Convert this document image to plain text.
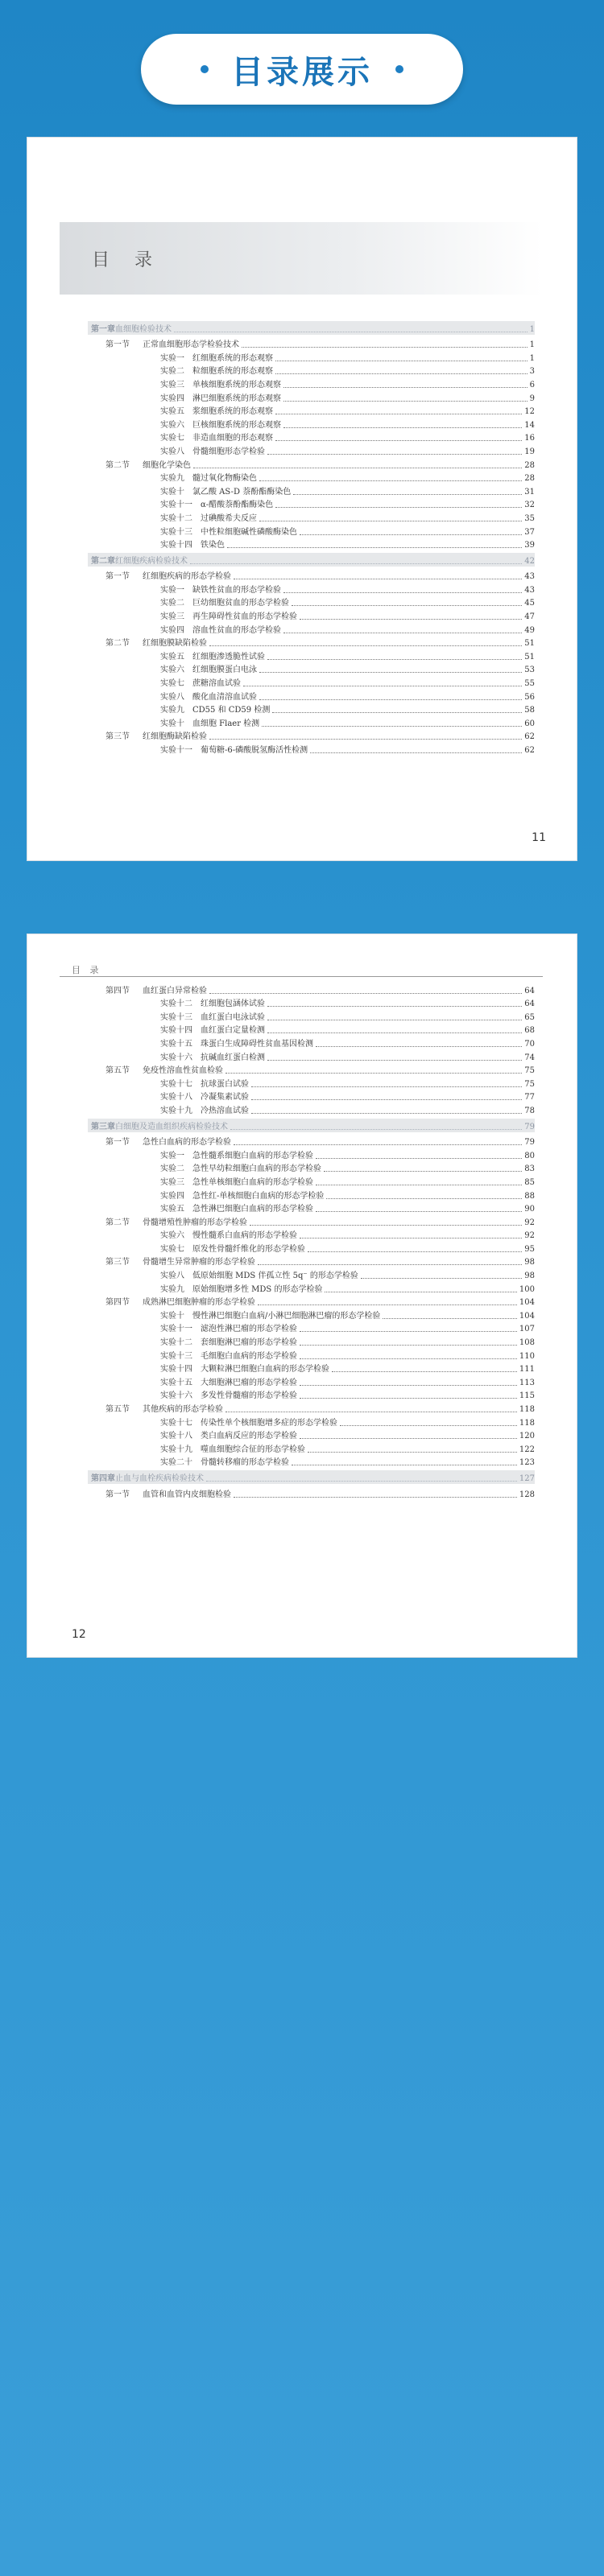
目录展示
目 录
第一章血细胞检验技术	1
第一节 正常血细胞形态学检验技术	1
实验一 红细胞系统的形态观察	1
实验二 粒细胞系统的形态观察	3
实验三 单核细胞系统的形态观察	6
实验四 淋巴细胞系统的形态观察	9
实验五 浆细胞系统的形态观察	12
实验六 巨核细胞系统的形态观察	14
实验七 非造血细胞的形态观察	16
实验八 骨髓细胞形态学检验	19
第二节 细胞化学染色	28
实验九 髓过氧化物酶染色	28
实验十 氯乙酸 AS-D 萘酚酯酶染色	31
实验十一 α-醋酸萘酚酯酶染色	32
实验十二 过碘酸希夫反应	35
实验十三 中性粒细胞碱性磷酸酶染色	37
实验十四 铁染色	39
第二章红细胞疾病检验技术	42
第一节 红细胞疾病的形态学检验	43
实验一 缺铁性贫血的形态学检验	43
实验二 巨幼细胞贫血的形态学检验	45
实验三 再生障碍性贫血的形态学检验	47
实验四 溶血性贫血的形态学检验	49
第二节 红细胞膜缺陷检验	51
实验五 红细胞渗透脆性试验	51
实验六 红细胞膜蛋白电泳	53
实验七 蔗糖溶血试验	55
实验八 酸化血清溶血试验	56
实验九 CD55 和 CD59 检测	58
实验十 血细胞 Flaer 检测	60
第三节 红细胞酶缺陷检验	62
实验十一 葡萄糖-6-磷酸脱氢酶活性检测	62
11
目 录
第四节 血红蛋白异常检验	64
实验十二 红细胞包涵体试验	64
实验十三 血红蛋白电泳试验	65
实验十四 血红蛋白定量检测	68
实验十五 珠蛋白生成障碍性贫血基因检测	70
实验十六 抗碱血红蛋白检测	74
第五节 免疫性溶血性贫血检验	75
实验十七 抗球蛋白试验	75
实验十八 冷凝集素试验	77
实验十九 冷热溶血试验	78
第三章白细胞及造血组织疾病检验技术	79
第一节 急性白血病的形态学检验	79
实验一 急性髓系细胞白血病的形态学检验	80
实验二 急性早幼粒细胞白血病的形态学检验	83
实验三 急性单核细胞白血病的形态学检验	85
实验四 急性红-单核细胞白血病的形态学检验	88
实验五 急性淋巴细胞白血病的形态学检验	90
第二节 骨髓增殖性肿瘤的形态学检验	92
实验六 慢性髓系白血病的形态学检验	92
实验七 原发性骨髓纤维化的形态学检验	95
第三节 骨髓增生异常肿瘤的形态学检验	98
实验八 低原始细胞 MDS 伴孤立性 5q⁻ 的形态学检验	98
实验九 原始细胞增多性 MDS 的形态学检验	100
第四节 成熟淋巴细胞肿瘤的形态学检验	104
实验十 慢性淋巴细胞白血病/小淋巴细胞淋巴瘤的形态学检验	104
实验十一 滤泡性淋巴瘤的形态学检验	107
实验十二 套细胞淋巴瘤的形态学检验	108
实验十三 毛细胞白血病的形态学检验	110
实验十四 大颗粒淋巴细胞白血病的形态学检验	111
实验十五 大细胞淋巴瘤的形态学检验	113
实验十六 多发性骨髓瘤的形态学检验	115
第五节 其他疾病的形态学检验	118
实验十七 传染性单个核细胞增多症的形态学检验	118
实验十八 类白血病反应的形态学检验	120
实验十九 噬血细胞综合征的形态学检验	122
实验二十 骨髓转移瘤的形态学检验	123
第四章止血与血栓疾病检验技术	127
第一节 血管和血管内皮细胞检验	128
12
